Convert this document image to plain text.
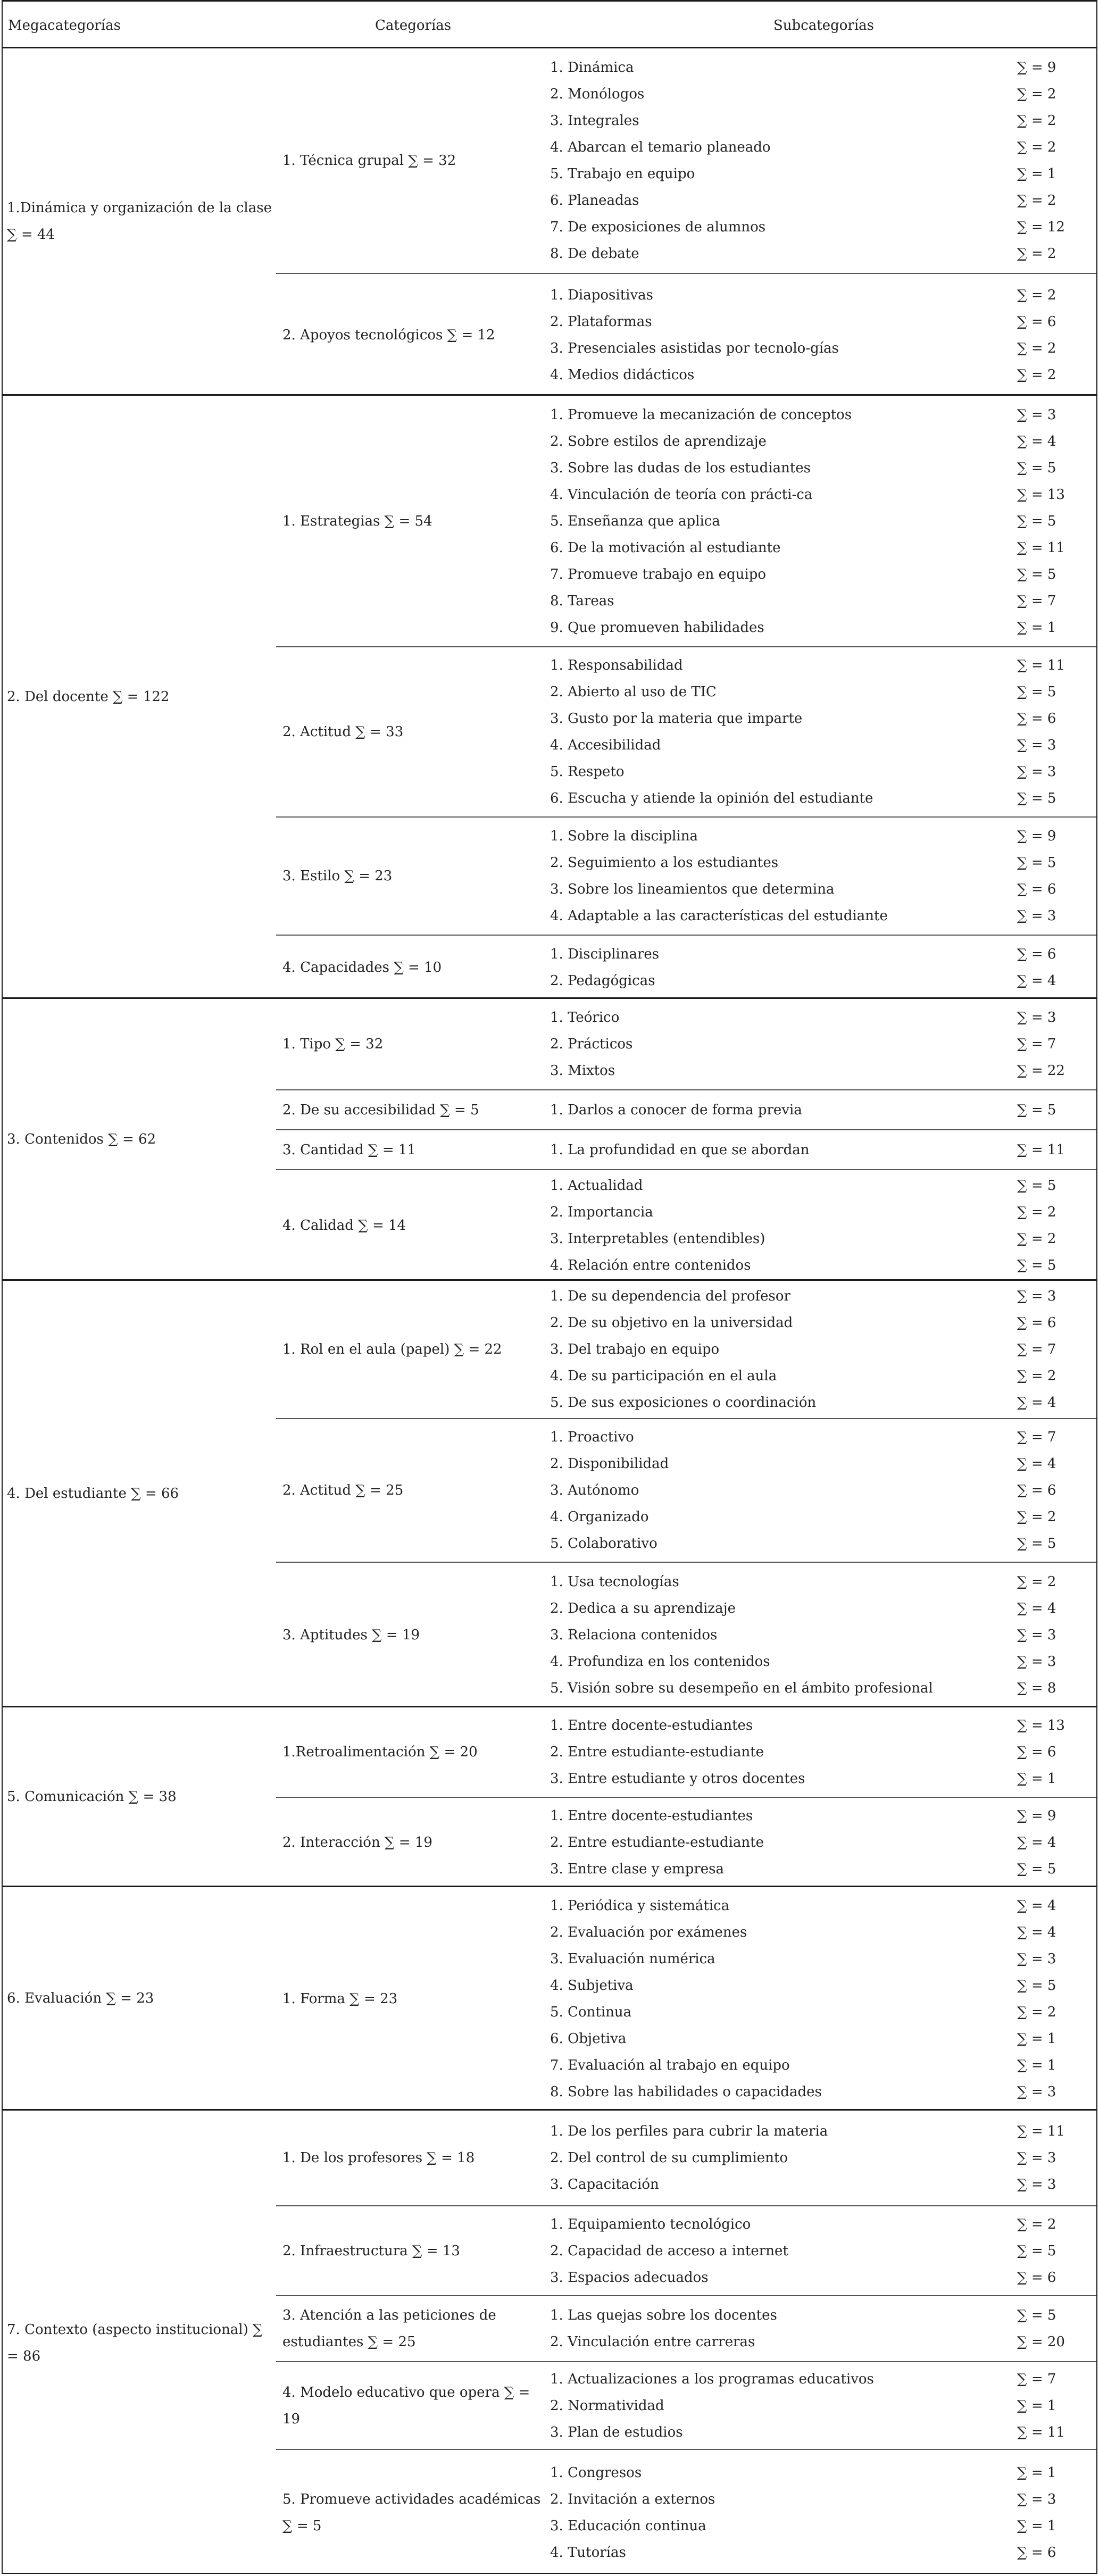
Megacategorías	Categorías	Subcategorías
1.Dinámica y organización de la clase ∑ = 44
1. Técnica grupal ∑ = 32
1. Dinámica	∑ = 9
2. Monólogos	∑ = 2
3. Integrales	∑ = 2
4. Abarcan el temario planeado	∑ = 2
5. Trabajo en equipo	∑ = 1
6. Planeadas	∑ = 2
7. De exposiciones de alumnos	∑ = 12
8. De debate	∑ = 2
2. Apoyos tecnológicos ∑ = 12
1. Diapositivas	∑ = 2
2. Plataformas	∑ = 6
3. Presenciales asistidas por tecnolo-gías	∑ = 2
4. Medios didácticos	∑ = 2
2. Del docente ∑ = 122
1. Estrategias ∑ = 54
1. Promueve la mecanización de conceptos	∑ = 3
2. Sobre estilos de aprendizaje	∑ = 4
3. Sobre las dudas de los estudiantes	∑ = 5
4. Vinculación de teoría con prácti-ca	∑ = 13
5. Enseñanza que aplica	∑ = 5
6. De la motivación al estudiante	∑ = 11
7. Promueve trabajo en equipo	∑ = 5
8. Tareas	∑ = 7
9. Que promueven habilidades	∑ = 1
2. Actitud ∑ = 33
1. Responsabilidad	∑ = 11
2. Abierto al uso de TIC	∑ = 5
3. Gusto por la materia que imparte	∑ = 6
4. Accesibilidad	∑ = 3
5. Respeto	∑ = 3
6. Escucha y atiende la opinión del estudiante	∑ = 5
3. Estilo ∑ = 23
1. Sobre la disciplina	∑ = 9
2. Seguimiento a los estudiantes	∑ = 5
3. Sobre los lineamientos que determina	∑ = 6
4. Adaptable a las características del estudiante	∑ = 3
4. Capacidades ∑ = 10
1. Disciplinares	∑ = 6
2. Pedagógicas	∑ = 4
3. Contenidos ∑ = 62
1. Tipo ∑ = 32
1. Teórico	∑ = 3
2. Prácticos	∑ = 7
3. Mixtos	∑ = 22
2. De su accesibilidad ∑ = 5	1. Darlos a conocer de forma previa	∑ = 5
3. Cantidad ∑ = 11	1. La profundidad en que se abordan	∑ = 11
4. Calidad ∑ = 14
1. Actualidad	∑ = 5
2. Importancia	∑ = 2
3. Interpretables (entendibles)	∑ = 2
4. Relación entre contenidos	∑ = 5
4. Del estudiante ∑ = 66
1. Rol en el aula (papel) ∑ = 22
1. De su dependencia del profesor	∑ = 3
2. De su objetivo en la universidad	∑ = 6
3. Del trabajo en equipo	∑ = 7
4. De su participación en el aula	∑ = 2
5. De sus exposiciones o coordinación	∑ = 4
2. Actitud ∑ = 25
1. Proactivo	∑ = 7
2. Disponibilidad	∑ = 4
3. Autónomo	∑ = 6
4. Organizado	∑ = 2
5. Colaborativo	∑ = 5
3. Aptitudes ∑ = 19
1. Usa tecnologías	∑ = 2
2. Dedica a su aprendizaje	∑ = 4
3. Relaciona contenidos	∑ = 3
4. Profundiza en los contenidos	∑ = 3
5. Visión sobre su desempeño en el ámbito profesional	∑ = 8
5. Comunicación ∑ = 38
1.Retroalimentación ∑ = 20
1. Entre docente-estudiantes	∑ = 13
2. Entre estudiante-estudiante	∑ = 6
3. Entre estudiante y otros docentes	∑ = 1
2. Interacción ∑ = 19
1. Entre docente-estudiantes	∑ = 9
2. Entre estudiante-estudiante	∑ = 4
3. Entre clase y empresa	∑ = 5
6. Evaluación ∑ = 23	1. Forma ∑ = 23
1. Periódica y sistemática	∑ = 4
2. Evaluación por exámenes	∑ = 4
3. Evaluación numérica	∑ = 3
4. Subjetiva	∑ = 5
5. Continua	∑ = 2
6. Objetiva	∑ = 1
7. Evaluación al trabajo en equipo	∑ = 1
8. Sobre las habilidades o capacidades	∑ = 3
7. Contexto (aspecto institucional) ∑ = 86
1. De los profesores ∑ = 18
1. De los perfiles para cubrir la materia	∑ = 11
2. Del control de su cumplimiento	∑ = 3
3. Capacitación	∑ = 3
2. Infraestructura ∑ = 13
1. Equipamiento tecnológico	∑ = 2
2. Capacidad de acceso a internet	∑ = 5
3. Espacios adecuados	∑ = 6
3. Atención a las peticiones de estudiantes ∑ = 25
1. Las quejas sobre los docentes	∑ = 5
2. Vinculación entre carreras	∑ = 20
4. Modelo educativo que opera ∑ = 19
1. Actualizaciones a los programas educativos	∑ = 7
2. Normatividad	∑ = 1
3. Plan de estudios	∑ = 11
5. Promueve actividades académicas ∑ = 5
1. Congresos	∑ = 1
2. Invitación a externos	∑ = 3
3. Educación continua	∑ = 1
4. Tutorías	∑ = 6
